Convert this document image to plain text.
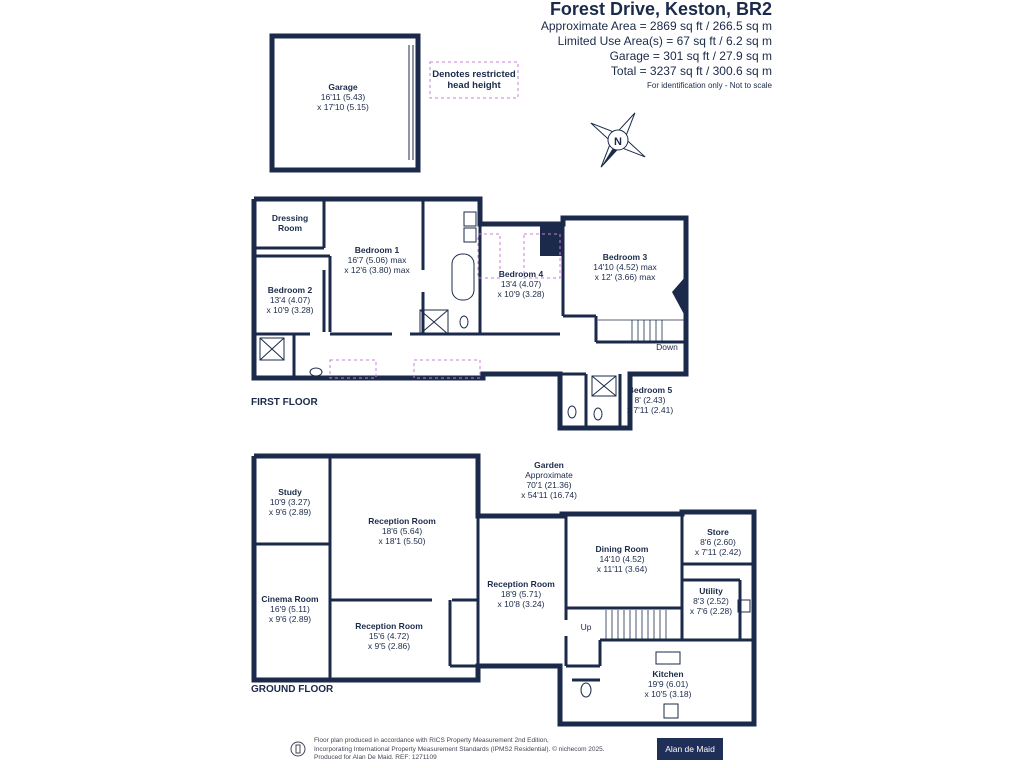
Forest Drive, Keston, BR2
Approximate Area = 2869 sq ft / 266.5 sq m
Limited Use Area(s) = 67 sq ft / 6.2 sq m
Garage = 301 sq ft / 27.9 sq m
Total = 3237 sq ft / 300.6 sq m
For identification only - Not to scale
Garage
16'11 (5.43)
x 17'10 (5.15)
Denotes restricted
head height
N
Dressing
Room
Bedroom 1
16'7 (5.06) max
x 12'6 (3.80) max
Bedroom 2
13'4 (4.07)
x 10'9 (3.28)
Bedroom 3
14'10 (4.52) max
x 12' (3.66) max
Bedroom 4
13'4 (4.07)
x 10'9 (3.28)
Down
Bedroom 5
8' (2.43)
x 7'11 (2.41)
Garden
Approximate
70'1 (21.36)
x 54'11 (16.74)
Study
10'9 (3.27)
x 9'6 (2.89)
Reception Room
18'6 (5.64)
x 18'1 (5.50)
Cinema Room
16'9 (5.11)
x 9'6 (2.89)
Reception Room
15'6 (4.72)
x 9'5 (2.86)
Reception Room
18'9 (5.71)
x 10'8 (3.24)
Dining Room
14'10 (4.52)
x 11'11 (3.64)
Up
Store
8'6 (2.60)
x 7'11 (2.42)
Utility
8'3 (2.52)
x 7'6 (2.28)
Kitchen
19'9 (6.01)
x 10'5 (3.18)
FIRST FLOOR
GROUND FLOOR
Floor plan produced in accordance with RICS Property Measurement 2nd Edition,
Incorporating International Property Measurement Standards (IPMS2 Residential). © nichecom 2025.
Produced for Alan De Maid. REF: 1271109
Alan de Maid
